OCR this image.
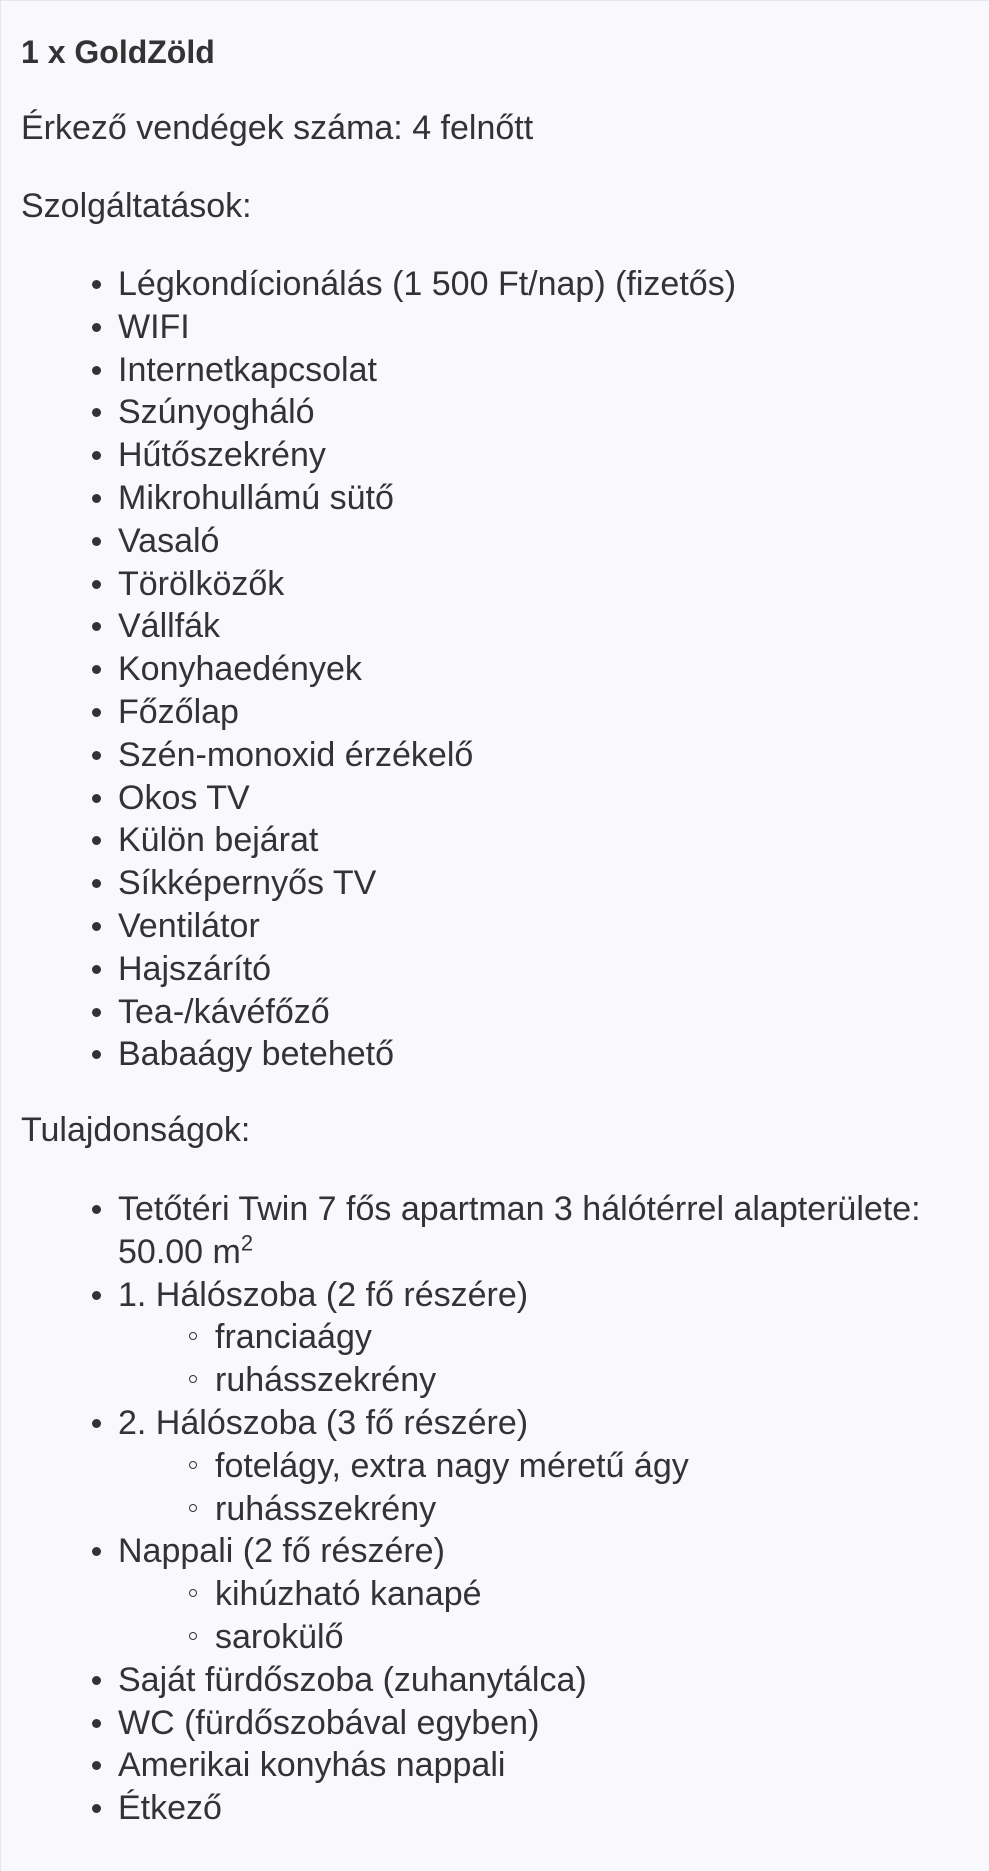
1 x GoldZöld

Érkező vendégek száma: 4 felnőtt

Szolgáltatások:

Légkondícionálás (1 500 Ft/nap) (fizetős)
WIFI
Internetkapcsolat
Szúnyogháló
Hűtőszekrény
Mikrohullámú sütő
Vasaló
Törölközők
Vállfák
Konyhaedények
Főzőlap
Szén-monoxid érzékelő
Okos TV
Külön bejárat
Síkképernyős TV
Ventilátor
Hajszárító
Tea-/kávéfőző
Babaágy betehető

Tulajdonságok:

Tetőtéri Twin 7 fős apartman 3 hálótérrel alapterülete:
50.00 $m^2$
1. Hálószoba (2 fő részére)
franciaágy
ruhásszekrény
2. Hálószoba (3 fő részére)
fotelágy, extra nagy méretű ágy
ruhásszekrény
Nappali (2 fő részére)
kihúzható kanapé
sarokülő
Saját fürdőszoba (zuhanytálca)
WC (fürdőszobával egyben)
Amerikai konyhás nappali
Étkező
